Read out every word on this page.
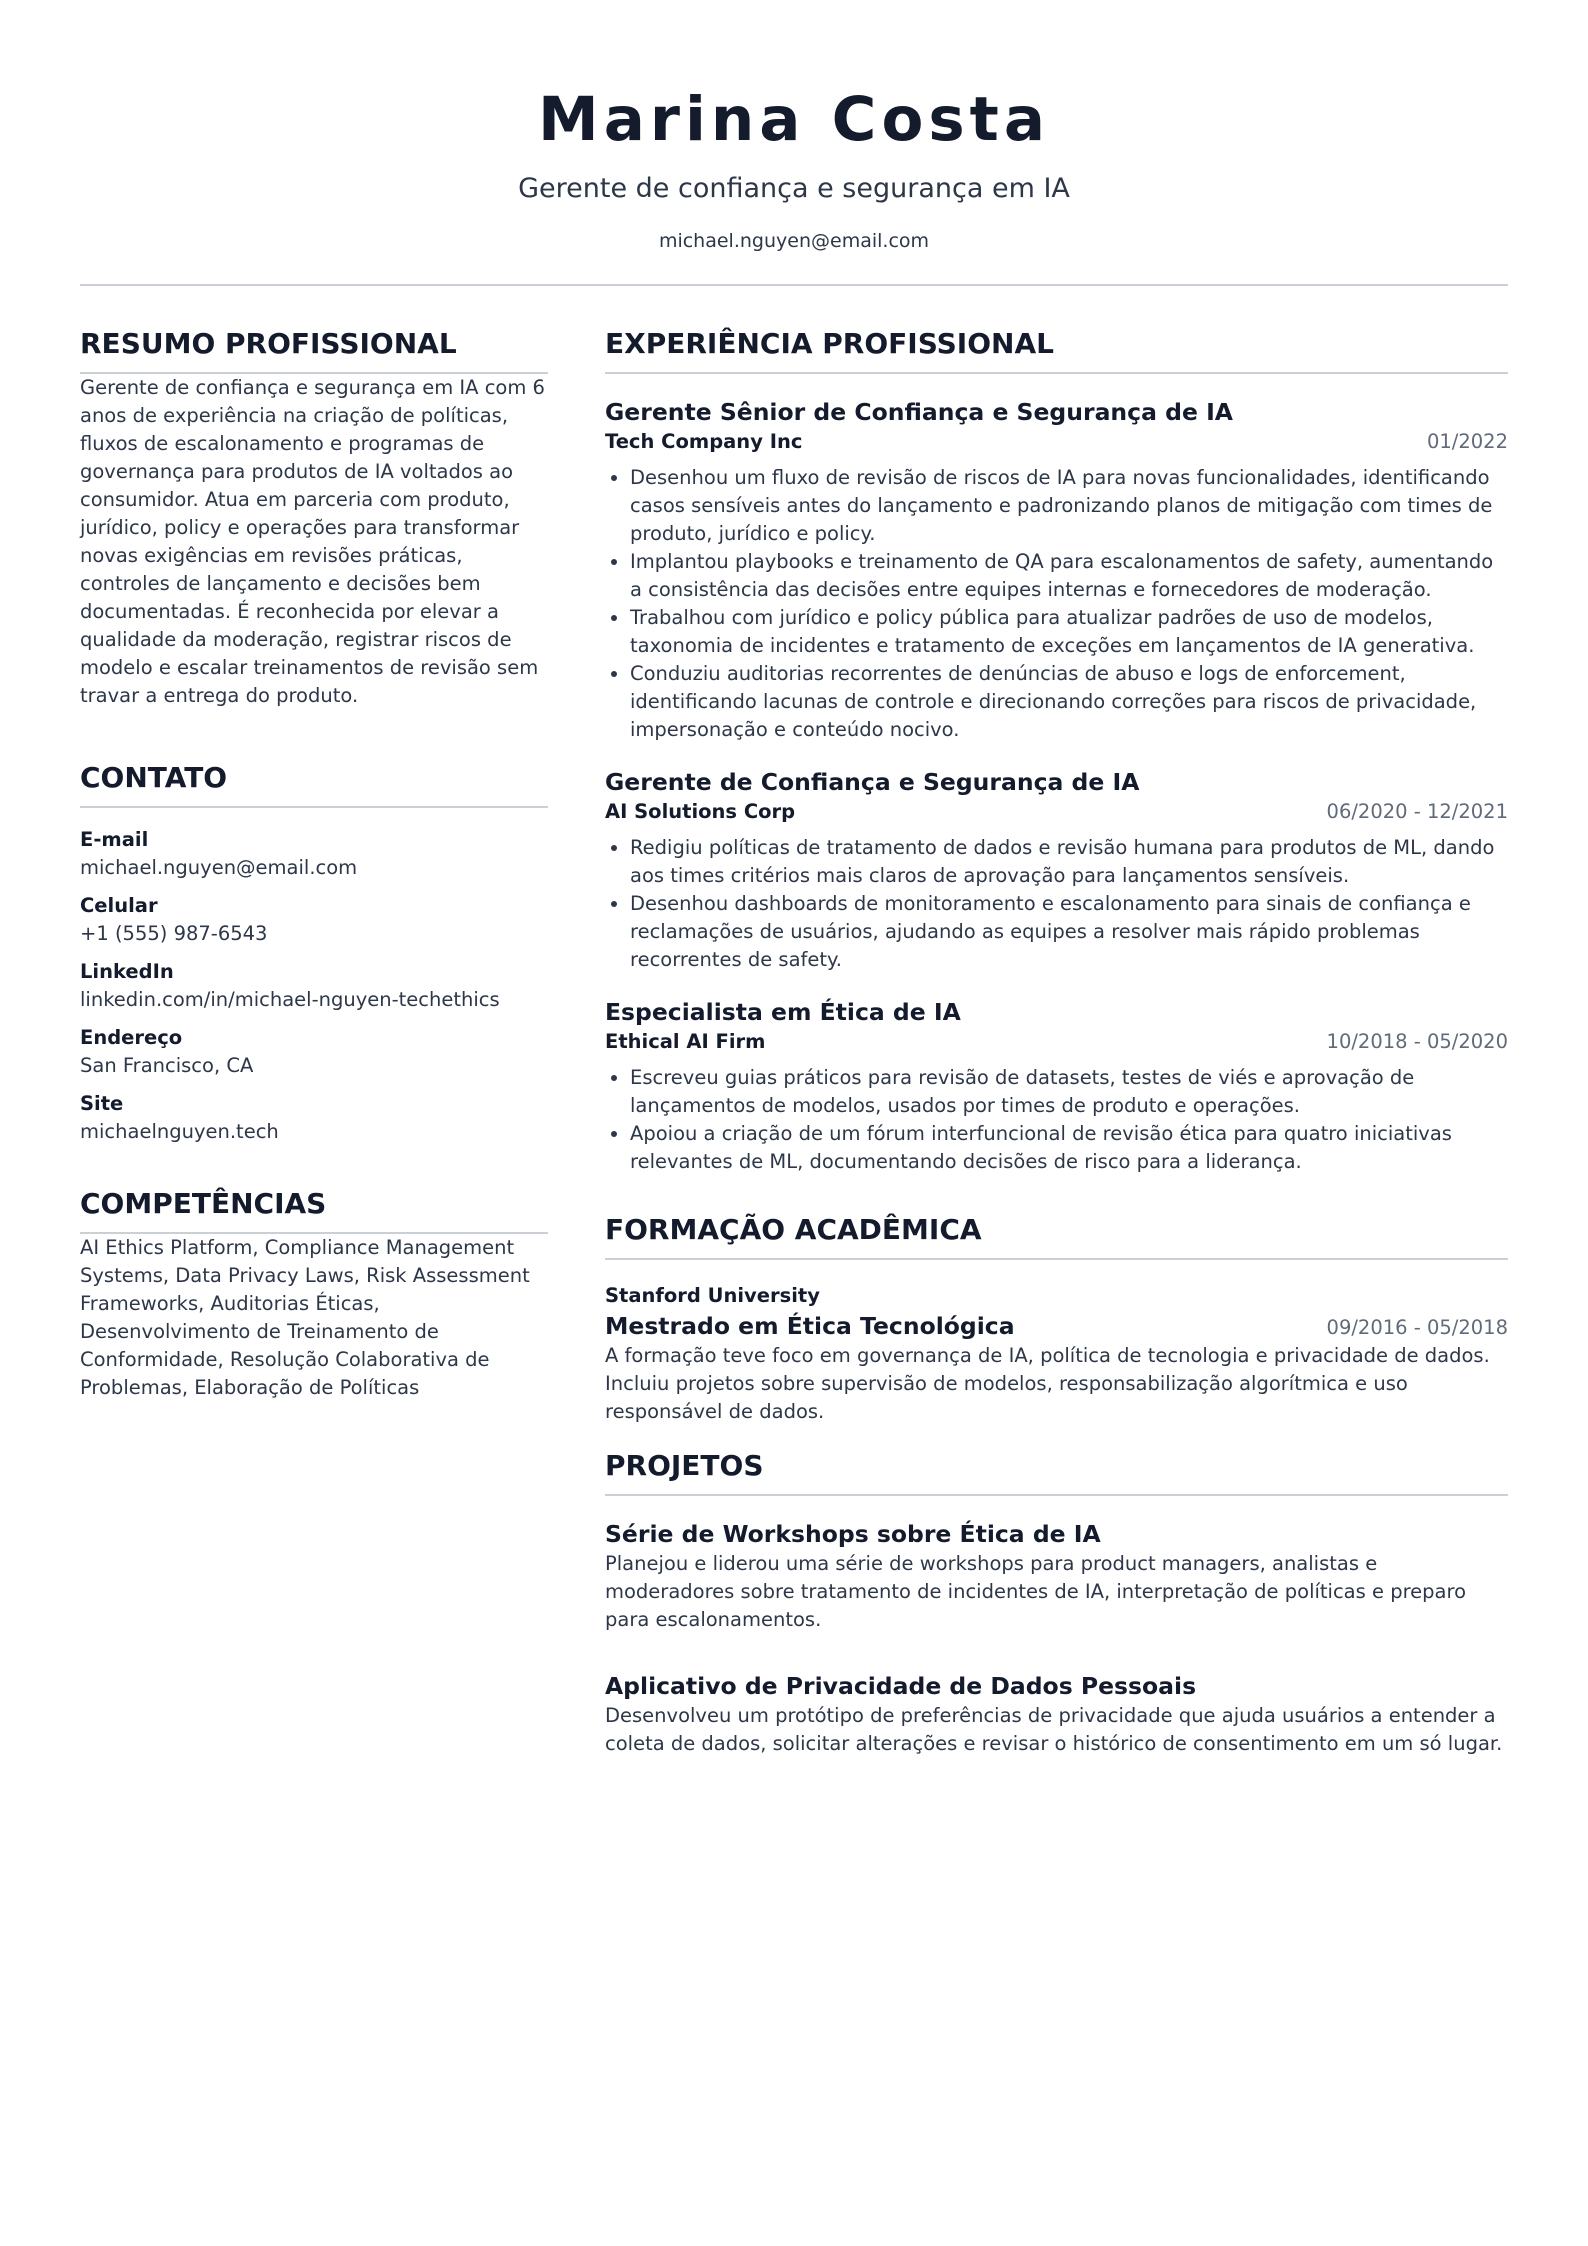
Marina Costa
Gerente de confiança e segurança em IA
michael.nguyen@email.com
RESUMO PROFISSIONAL

Gerente de confiança e segurança em IA com 6 anos de experiência na criação de políticas, fluxos de escalonamento e programas de governança para produtos de IA voltados ao consumidor. Atua em parceria com produto, jurídico, policy e operações para transformar novas exigências em revisões práticas, controles de lançamento e decisões bem documentadas. É reconhecida por elevar a qualidade da moderação, registrar riscos de modelo e escalar treinamentos de revisão sem travar a entrega do produto.

CONTATO
E-mail
michael.nguyen@email.com
Celular
+1 (555) 987-6543
LinkedIn
linkedin.com/in/michael-nguyen-techethics
Endereço
San Francisco, CA
Site
michaelnguyen.tech
COMPETÊNCIAS

AI Ethics Platform, Compliance Management Systems, Data Privacy Laws, Risk Assessment Frameworks, Auditorias Éticas, Desenvolvimento de Treinamento de Conformidade, Resolução Colaborativa de Problemas, Elaboração de Políticas

EXPERIÊNCIA PROFISSIONAL
Gerente Sênior de Confiança e Segurança de IA
Tech Company Inc	01/2022
• Desenhou um fluxo de revisão de riscos de IA para novas funcionalidades, identificando casos sensíveis antes do lançamento e padronizando planos de mitigação com times de produto, jurídico e policy.
• Implantou playbooks e treinamento de QA para escalonamentos de safety, aumentando a consistência das decisões entre equipes internas e fornecedores de moderação.
• Trabalhou com jurídico e policy pública para atualizar padrões de uso de modelos, taxonomia de incidentes e tratamento de exceções em lançamentos de IA generativa.
• Conduziu auditorias recorrentes de denúncias de abuso e logs de enforcement, identificando lacunas de controle e direcionando correções para riscos de privacidade, impersonação e conteúdo nocivo.
Gerente de Confiança e Segurança de IA
AI Solutions Corp	06/2020 - 12/2021
• Redigiu políticas de tratamento de dados e revisão humana para produtos de ML, dando aos times critérios mais claros de aprovação para lançamentos sensíveis.
• Desenhou dashboards de monitoramento e escalonamento para sinais de confiança e reclamações de usuários, ajudando as equipes a resolver mais rápido problemas recorrentes de safety.
Especialista em Ética de IA
Ethical AI Firm	10/2018 - 05/2020
• Escreveu guias práticos para revisão de datasets, testes de viés e aprovação de lançamentos de modelos, usados por times de produto e operações.
• Apoiou a criação de um fórum interfuncional de revisão ética para quatro iniciativas relevantes de ML, documentando decisões de risco para a liderança.
FORMAÇÃO ACADÊMICA
Stanford University
Mestrado em Ética Tecnológica	09/2016 - 05/2018

A formação teve foco em governança de IA, política de tecnologia e privacidade de dados. Incluiu projetos sobre supervisão de modelos, responsabilização algorítmica e uso responsável de dados.

PROJETOS
Série de Workshops sobre Ética de IA

Planejou e liderou uma série de workshops para product managers, analistas e moderadores sobre tratamento de incidentes de IA, interpretação de políticas e preparo para escalonamentos.

Aplicativo de Privacidade de Dados Pessoais

Desenvolveu um protótipo de preferências de privacidade que ajuda usuários a entender a coleta de dados, solicitar alterações e revisar o histórico de consentimento em um só lugar.
